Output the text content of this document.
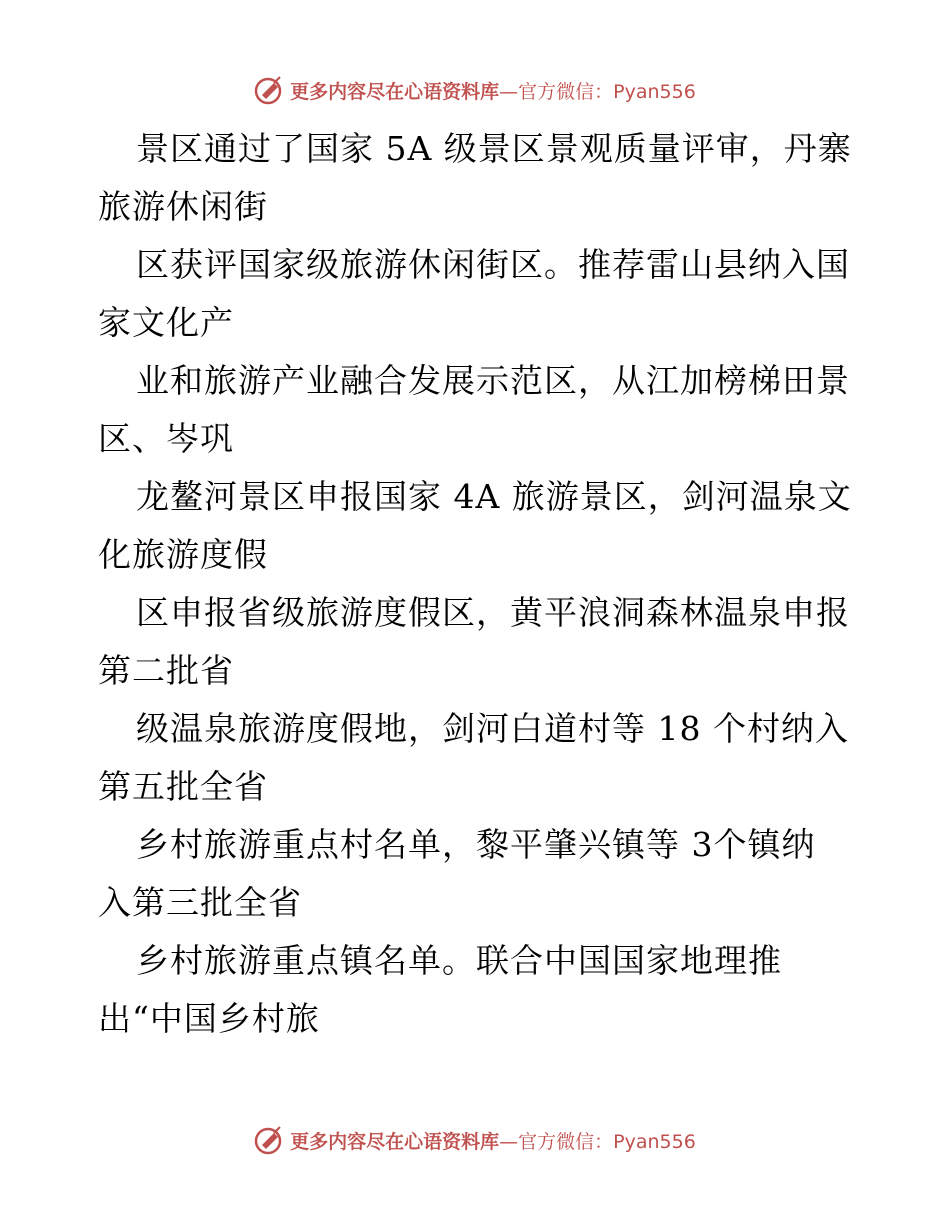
更多内容尽在心语资料库—官方微信：Pyan556

景区通过了国家 5A 级景区景观质量评审，丹寨
旅游休闲街

区获评国家级旅游休闲街区。推荐雷山县纳入国
家文化产

业和旅游产业融合发展示范区，从江加榜梯田景
区、岑巩

龙鳌河景区申报国家 4A 旅游景区，剑河温泉文
化旅游度假

区申报省级旅游度假区，黄平浪洞森林温泉申报
第二批省

级温泉旅游度假地，剑河白道村等 18 个村纳入
第五批全省

乡村旅游重点村名单，黎平肇兴镇等 3个镇纳
入第三批全省

乡村旅游重点镇名单。联合中国国家地理推
出“中国乡村旅

更多内容尽在心语资料库—官方微信：Pyan556
